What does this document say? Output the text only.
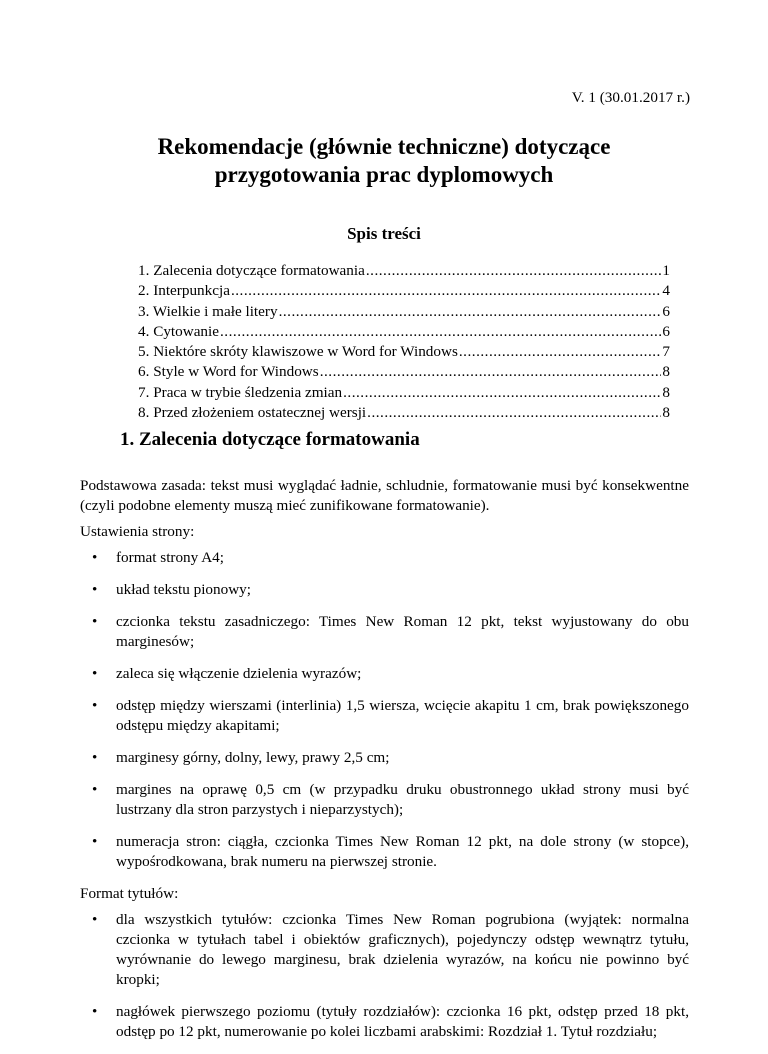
V. 1 (30.01.2017 r.)
Rekomendacje (głównie techniczne) dotyczące
przygotowania prac dyplomowych
Spis treści
1. Zalecenia dotyczące formatowania .....	1
2. Interpunkcja .....	4
3. Wielkie i małe litery .....	6
4. Cytowanie .....	6
5. Niektóre skróty klawiszowe w Word for Windows .....	7
6. Style w Word for Windows .....	8
7. Praca w trybie śledzenia zmian .....	8
8. Przed złożeniem ostatecznej wersji .....	8
1. Zalecenia dotyczące formatowania

Podstawowa zasada: tekst musi wyglądać ładnie, schludnie, formatowanie musi być konsekwentne (czyli podobne elementy muszą mieć zunifikowane formatowanie).

Ustawienia strony:

• format strony A4;
• układ tekstu pionowy;
• czcionka tekstu zasadniczego: Times New Roman 12 pkt, tekst wyjustowany do obu marginesów;
• zaleca się włączenie dzielenia wyrazów;
• odstęp między wierszami (interlinia) 1,5 wiersza, wcięcie akapitu 1 cm, brak powiększonego odstępu między akapitami;
• marginesy górny, dolny, lewy, prawy 2,5 cm;
• margines na oprawę 0,5 cm (w przypadku druku obustronnego układ strony musi być lustrzany dla stron parzystych i nieparzystych);
• numeracja stron: ciągła, czcionka Times New Roman 12 pkt, na dole strony (w stopce), wypośrodkowana, brak numeru na pierwszej stronie.

Format tytułów:

• dla wszystkich tytułów: czcionka Times New Roman pogrubiona (wyjątek: normalna czcionka w tytułach tabel i obiektów graficznych), pojedynczy odstęp wewnątrz tytułu, wyrównanie do lewego marginesu, brak dzielenia wyrazów, na końcu nie powinno być kropki;
• nagłówek pierwszego poziomu (tytuły rozdziałów): czcionka 16 pkt, odstęp przed 18 pkt, odstęp po 12 pkt, numerowanie po kolei liczbami arabskimi: Rozdział 1. Tytuł rozdziału;
